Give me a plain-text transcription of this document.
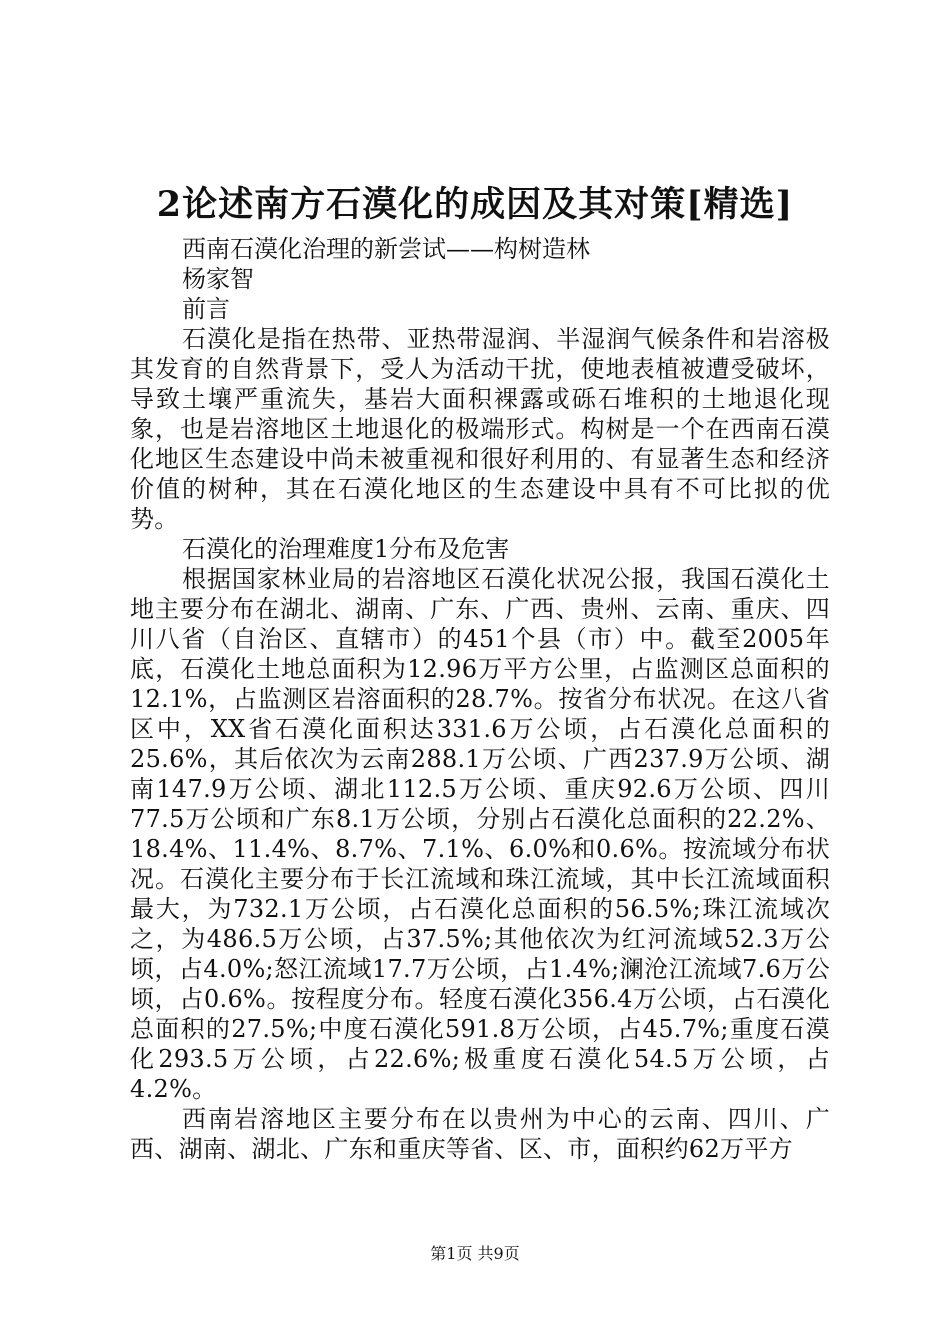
2论述南方石漠化的成因及其对策[精选]

西南石漠化治理的新尝试——构树造林

杨家智

前言

石漠化是指在热带、亚热带湿润、半湿润气候条件和岩溶极其发育的自然背景下，受人为活动干扰，使地表植被遭受破坏，导致土壤严重流失，基岩大面积裸露或砾石堆积的土地退化现象，也是岩溶地区土地退化的极端形式。构树是一个在西南石漠化地区生态建设中尚未被重视和很好利用的、有显著生态和经济价值的树种，其在石漠化地区的生态建设中具有不可比拟的优势。

石漠化的治理难度1分布及危害

根据国家林业局的岩溶地区石漠化状况公报，我国石漠化土地主要分布在湖北、湖南、广东、广西、贵州、云南、重庆、四川八省（自治区、直辖市）的451个县（市）中。截至2005年底，石漠化土地总面积为12.96万平方公里，占监测区总面积的12.1%，占监测区岩溶面积的28.7%。按省分布状况。在这八省区中，XX省石漠化面积达331.6万公顷，占石漠化总面积的25.6%，其后依次为云南288.1万公顷、广西237.9万公顷、湖南147.9万公顷、湖北112.5万公顷、重庆92.6万公顷、四川77.5万公顷和广东8.1万公顷，分别占石漠化总面积的22.2%、18.4%、11.4%、8.7%、7.1%、6.0%和0.6%。按流域分布状况。石漠化主要分布于长江流域和珠江流域，其中长江流域面积最大，为732.1万公顷，占石漠化总面积的56.5%;珠江流域次之，为486.5万公顷，占37.5%;其他依次为红河流域52.3万公顷，占4.0%;怒江流域17.7万公顷，占1.4%;澜沧江流域7.6万公顷，占0.6%。按程度分布。轻度石漠化356.4万公顷，占石漠化总面积的27.5%;中度石漠化591.8万公顷，占45.7%;重度石漠化293.5万公顷，占22.6%;极重度石漠化54.5万公顷，占4.2%。

西南岩溶地区主要分布在以贵州为中心的云南、四川、广西、湖南、湖北、广东和重庆等省、区、市，面积约62万平方

第1页 共9页
